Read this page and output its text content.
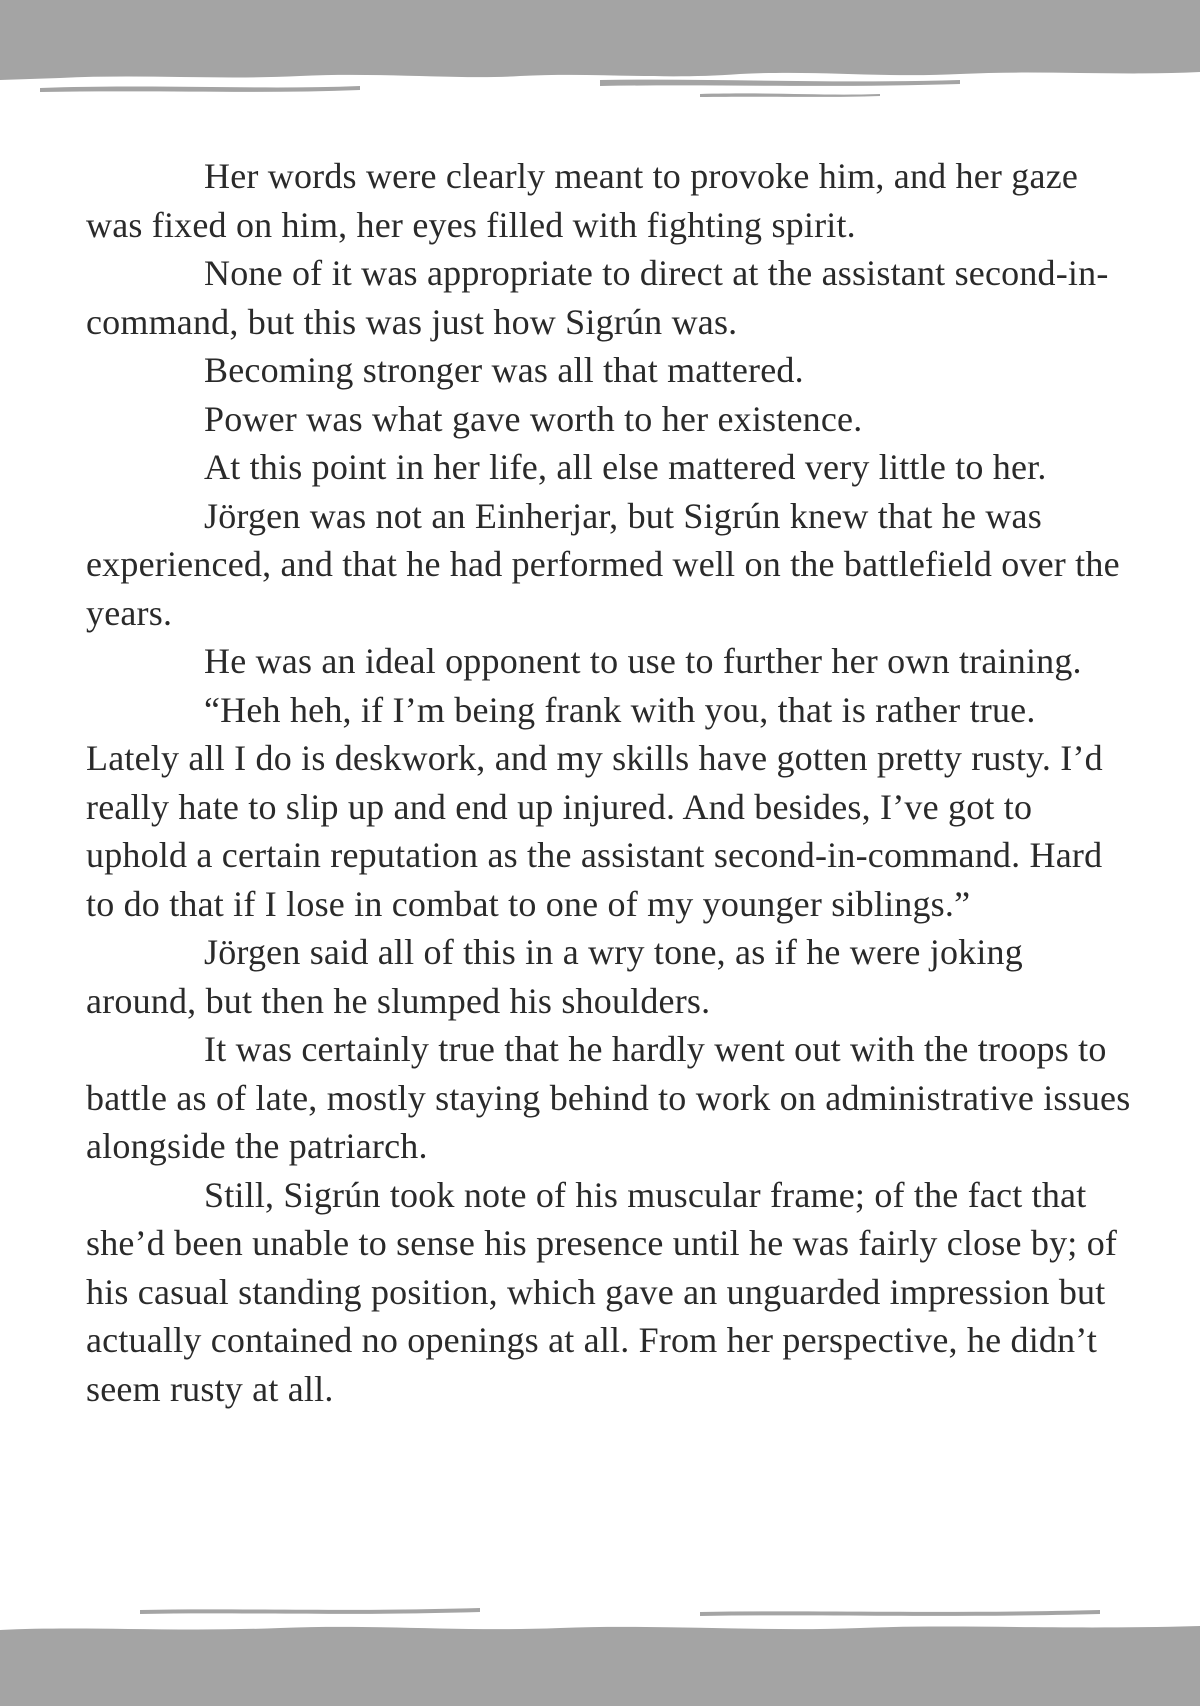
Her words were clearly meant to provoke him, and her gaze was fixed on him, her eyes filled with fighting spirit.

None of it was appropriate to direct at the assistant second-in-command, but this was just how Sigrún was.

Becoming stronger was all that mattered.

Power was what gave worth to her existence.

At this point in her life, all else mattered very little to her.

Jörgen was not an Einherjar, but Sigrún knew that he was experienced, and that he had performed well on the battlefield over the years.

He was an ideal opponent to use to further her own training.

“Heh heh, if I’m being frank with you, that is rather true. Lately all I do is deskwork, and my skills have gotten pretty rusty. I’d really hate to slip up and end up injured. And besides, I’ve got to uphold a certain reputation as the assistant second-in-command. Hard to do that if I lose in combat to one of my younger siblings.”

Jörgen said all of this in a wry tone, as if he were joking around, but then he slumped his shoulders.

It was certainly true that he hardly went out with the troops to battle as of late, mostly staying behind to work on administrative issues alongside the patriarch.

Still, Sigrún took note of his muscular frame; of the fact that she’d been unable to sense his presence until he was fairly close by; of his casual standing position, which gave an unguarded impression but actually contained no openings at all. From her perspective, he didn’t seem rusty at all.
